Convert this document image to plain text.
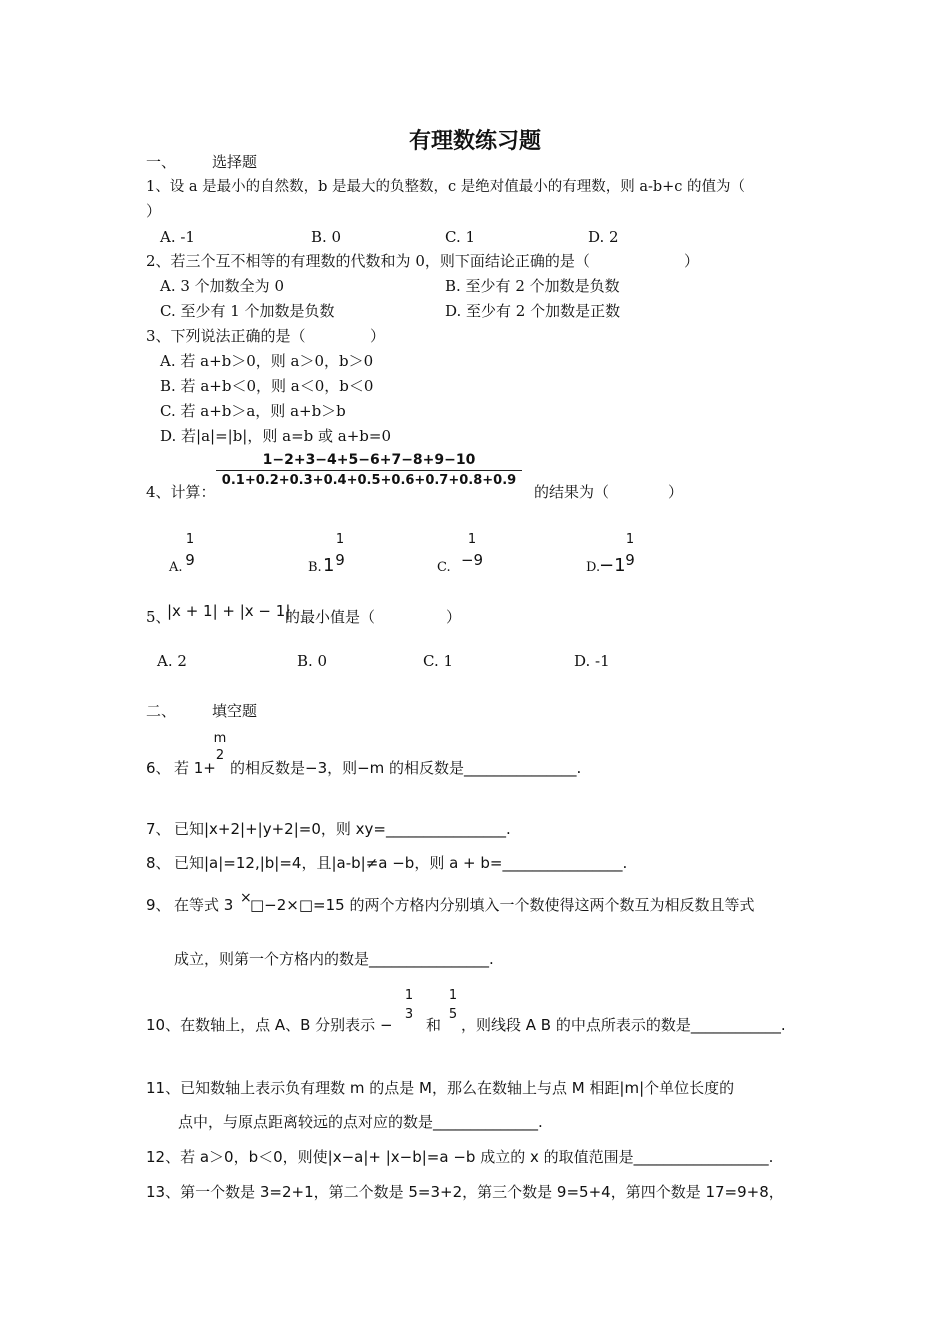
有理数练习题
一、 选择题
1、设 a 是最小的自然数，b 是最大的负整数，c 是绝对值最小的有理数，则 a-b+c 的值为（
）
A. -1	B. 0	C. 1	D. 2
2、若三个互不相等的有理数的代数和为 0，则下面结论正确的是（	）
A. 3 个加数全为 0	B. 至少有 2 个加数是负数
C. 至少有 1 个加数是负数	D. 至少有 2 个加数是正数
3、下列说法正确的是（	）
A. 若 a+b＞0，则 a＞0，b＞0
B. 若 a+b＜0，则 a＜0，b＜0
C. 若 a+b＞a，则 a+b＞b
D. 若|a|=|b|，则 a=b 或 a+b=0
4、计算：
1−2+3−4+5−6+7−8+9−10
0.1+0.2+0.3+0.4+0.5+0.6+0.7+0.8+0.9
的结果为（	）
A.
1
9	B. 1
1
9	C.
1
−9	D.
−1
1
9
5、
|x + 1| + |x − 1|
的最小值是（	）
A. 2	B. 0	C. 1	D. -1
二、 填空题
6、 若 1+
m
2
的相反数是−3，则−m 的相反数是_______________.
7、 已知|x+2|+|y+2|=0，则 xy=________________.
8、 已知|a|=12,|b|=4，且|a-b|≠a −b，则 a + b=________________.
9、 在等式 3 ×
□−2×□=15 的两个方格内分别填入一个数使得这两个数互为相反数且等式
成立，则第一个方格内的数是________________.
10、在数轴上，点 A、B 分别表示 −
1
3
和
1
5
，则线段 A B 的中点所表示的数是____________.
11、已知数轴上表示负有理数 m 的点是 M，那么在数轴上与点 M 相距|m|个单位长度的
点中，与原点距离较远的点对应的数是______________.
12、若 a＞0，b＜0，则使|x−a|+ |x−b|=a −b 成立的 x 的取值范围是__________________.
13、第一个数是 3=2+1，第二个数是 5=3+2，第三个数是 9=5+4，第四个数是 17=9+8，
